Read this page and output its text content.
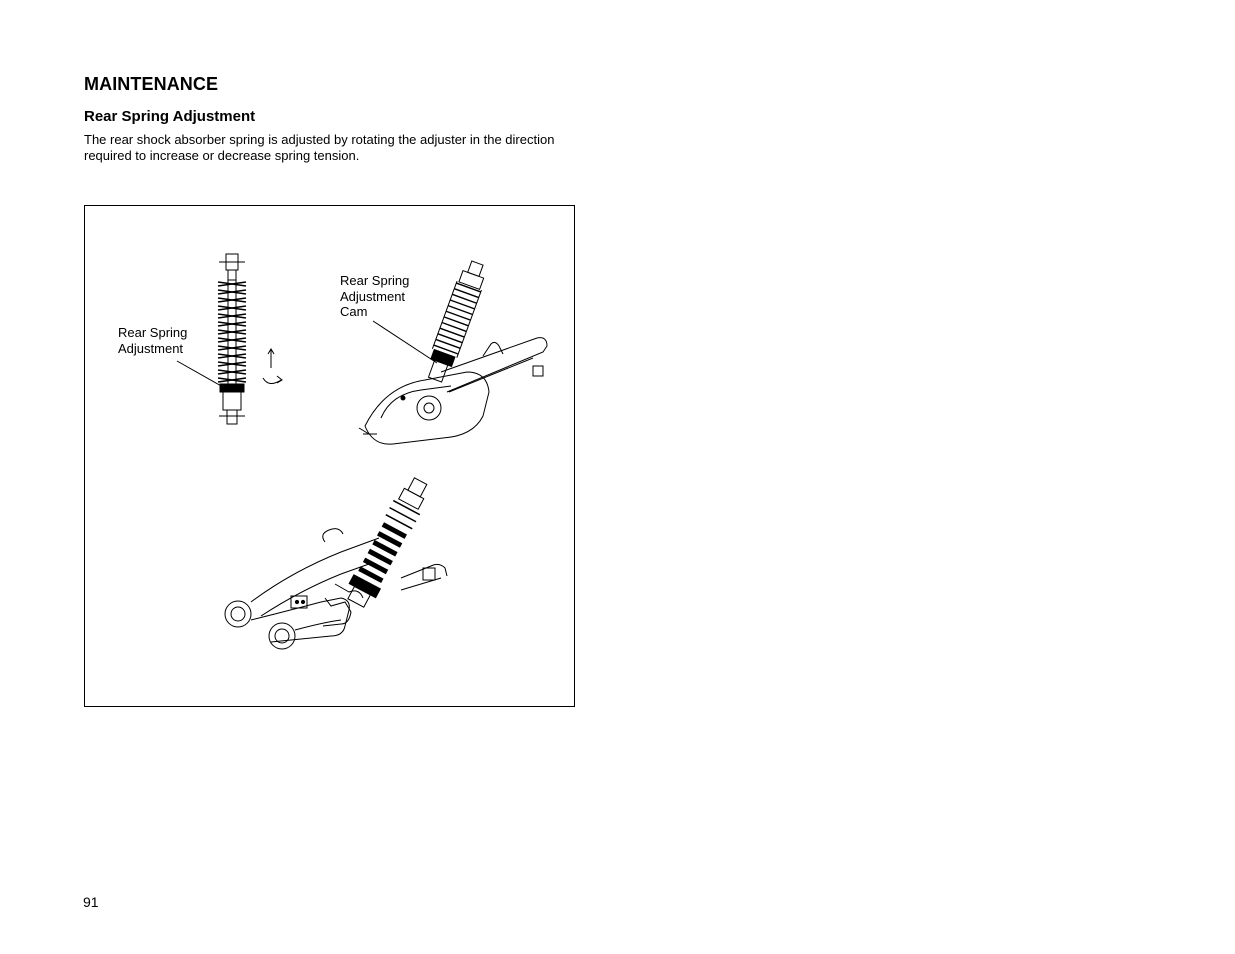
MAINTENANCE
Rear Spring Adjustment

The rear shock absorber spring is adjusted by rotating the adjuster in the direction required to increase or decrease spring tension.

Rear Spring
Adjustment

Rear Spring
Adjustment
Cam

91
